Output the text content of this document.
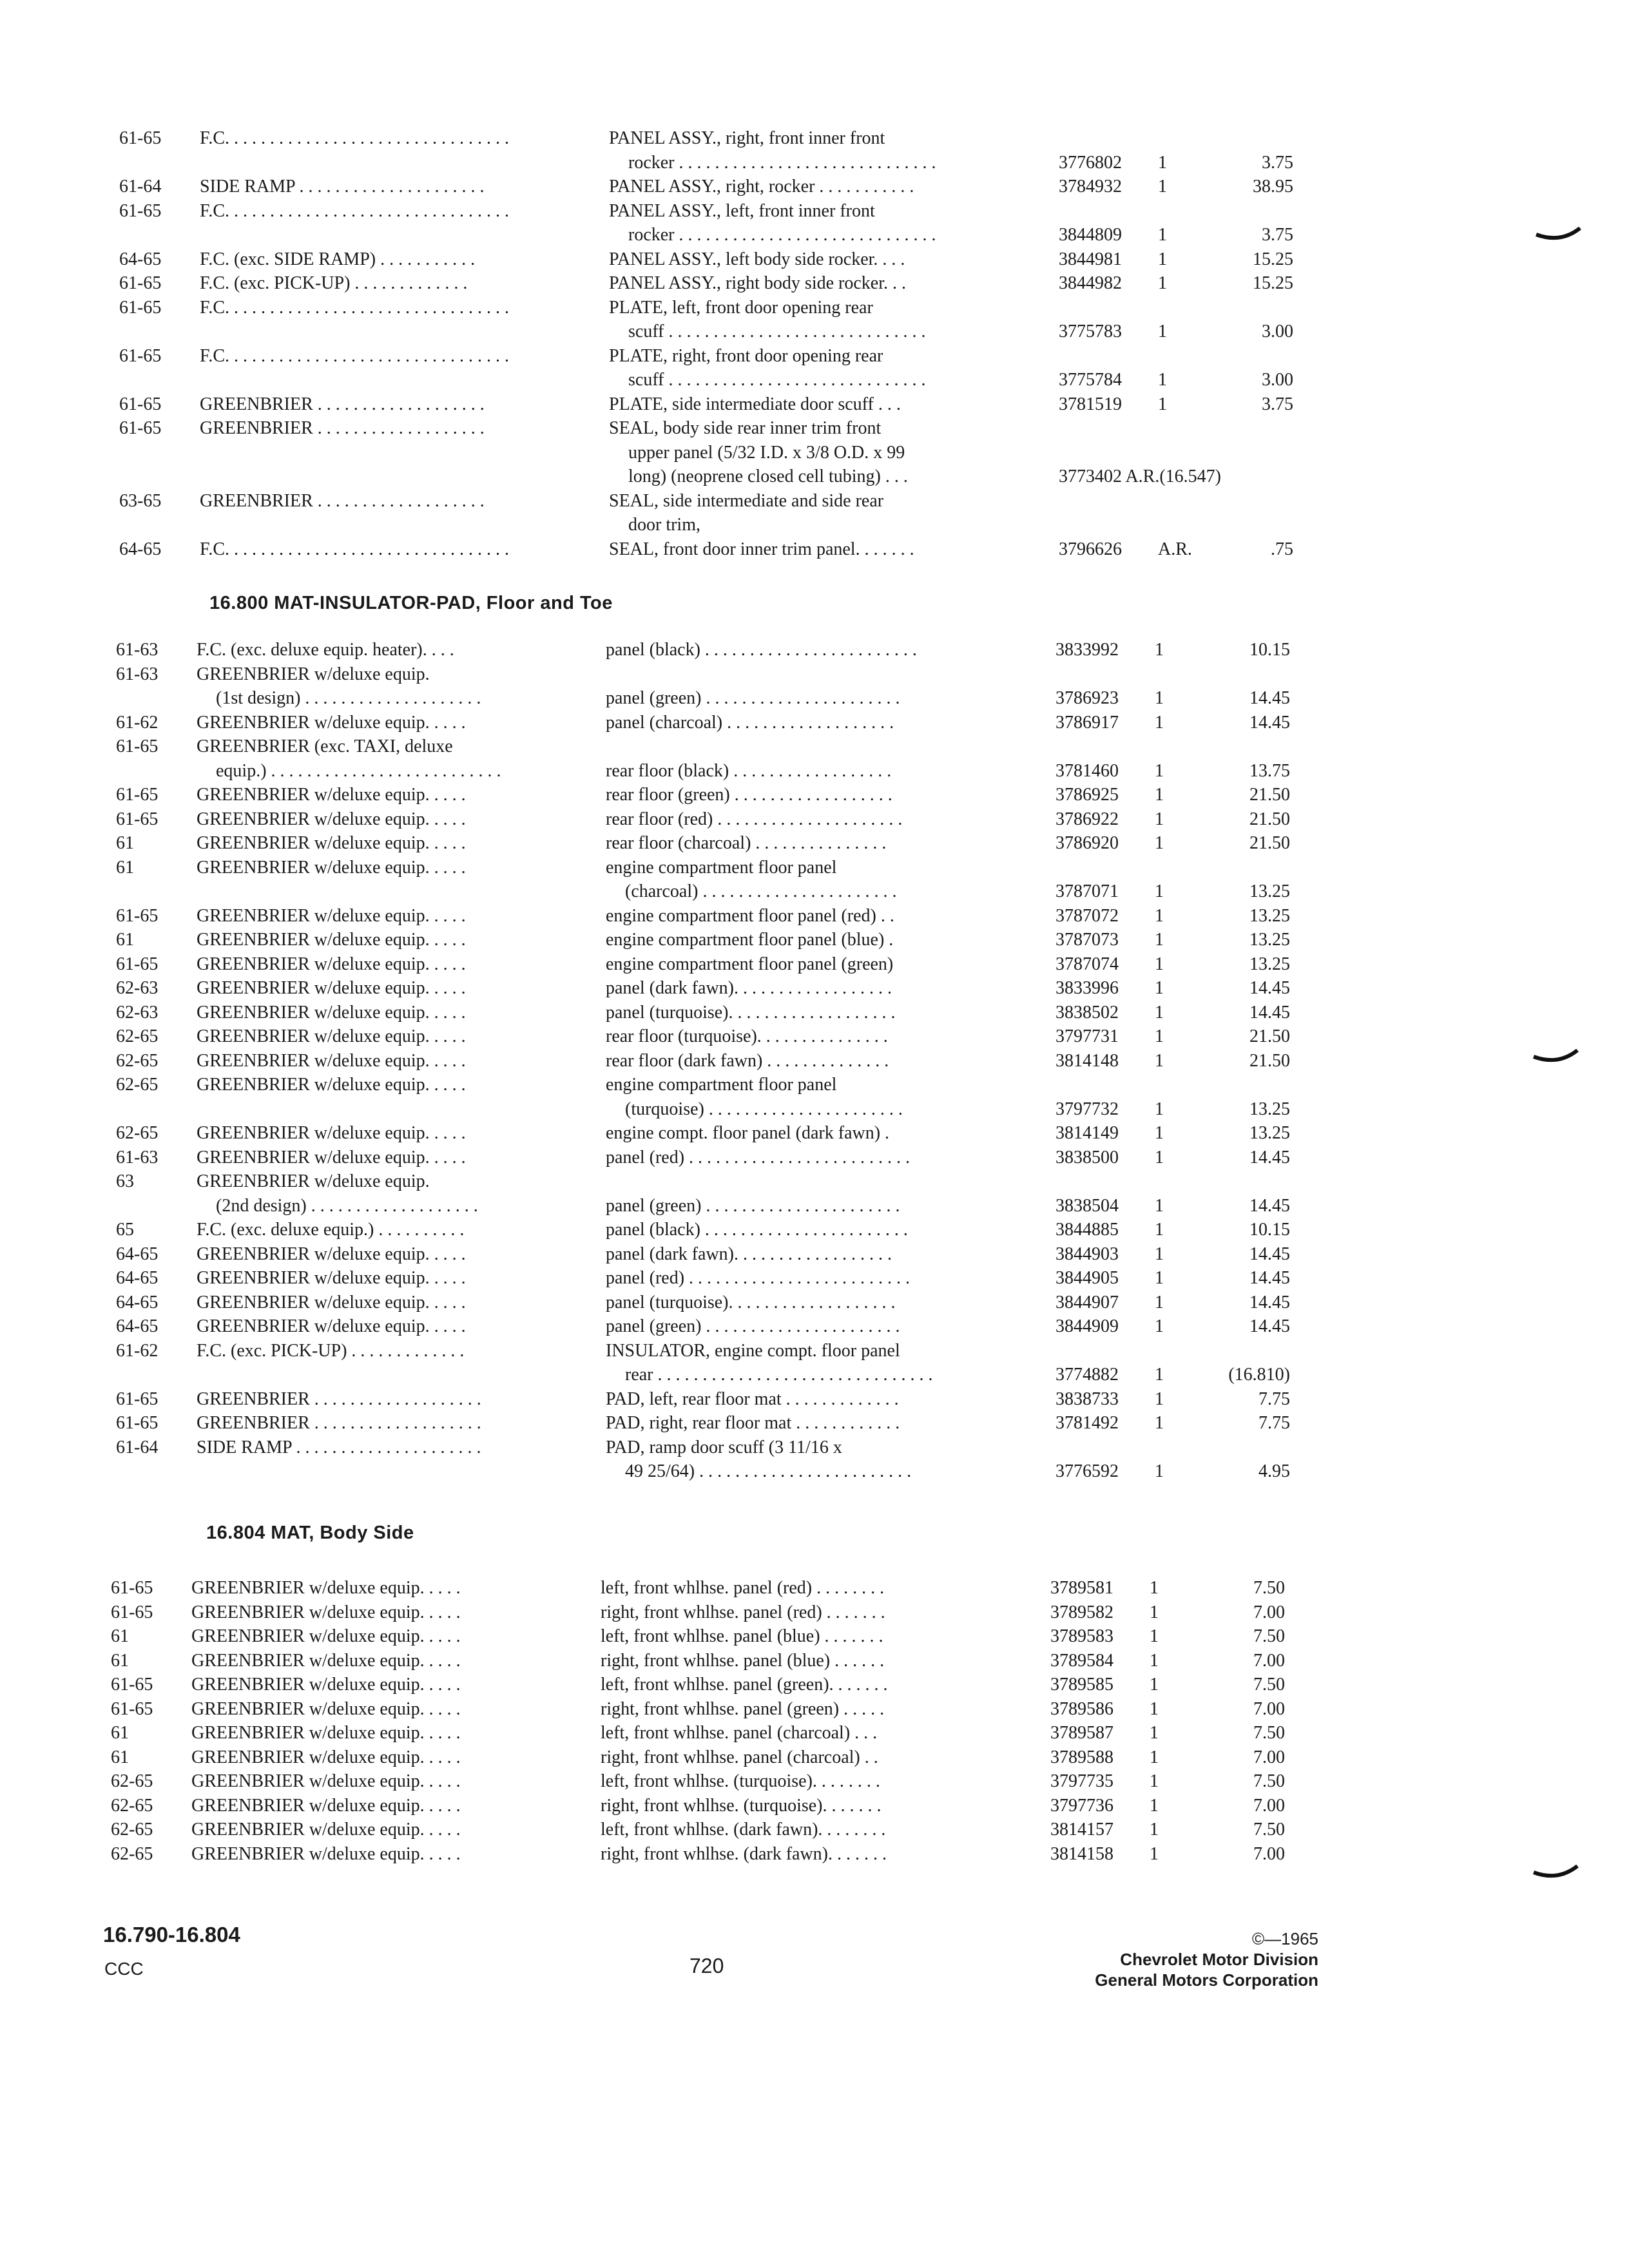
61-65	F.C. . . . . . . . . . . . . . . . . . . . . . . . . . . . . . . .	PANEL ASSY., right, front inner front
rocker . . . . . . . . . . . . . . . . . . . . . . . . . . . . .	3776802	1	3.75
61-64	SIDE RAMP . . . . . . . . . . . . . . . . . . . . .	PANEL ASSY., right, rocker . . . . . . . . . . .	3784932	1	38.95
61-65	F.C. . . . . . . . . . . . . . . . . . . . . . . . . . . . . . . .	PANEL ASSY., left, front inner front
rocker . . . . . . . . . . . . . . . . . . . . . . . . . . . . .	3844809	1	3.75
64-65	F.C. (exc. SIDE RAMP) . . . . . . . . . . .	PANEL ASSY., left body side rocker. . . .	3844981	1	15.25
61-65	F.C. (exc. PICK-UP) . . . . . . . . . . . . .	PANEL ASSY., right body side rocker. . .	3844982	1	15.25
61-65	F.C. . . . . . . . . . . . . . . . . . . . . . . . . . . . . . . .	PLATE, left, front door opening rear
scuff . . . . . . . . . . . . . . . . . . . . . . . . . . . . .	3775783	1	3.00
61-65	F.C. . . . . . . . . . . . . . . . . . . . . . . . . . . . . . . .	PLATE, right, front door opening rear
scuff . . . . . . . . . . . . . . . . . . . . . . . . . . . . .	3775784	1	3.00
61-65	GREENBRIER . . . . . . . . . . . . . . . . . . .	PLATE, side intermediate door scuff . . .	3781519	1	3.75
61-65	GREENBRIER . . . . . . . . . . . . . . . . . . .	SEAL, body side rear inner trim front
upper panel (5/32 I.D. x 3/8 O.D. x 99
long) (neoprene closed cell tubing) . . .	3773402 A.R.(16.547)
63-65	GREENBRIER . . . . . . . . . . . . . . . . . . .	SEAL, side intermediate and side rear
door trim,
64-65	F.C. . . . . . . . . . . . . . . . . . . . . . . . . . . . . . . .	SEAL, front door inner trim panel. . . . . . .	3796626	A.R.	.75
16.800 MAT-INSULATOR-PAD, Floor and Toe
61-63	F.C. (exc. deluxe equip. heater). . . .	panel (black) . . . . . . . . . . . . . . . . . . . . . . . .	3833992	1	10.15
61-63	GREENBRIER w/deluxe equip.
(1st design) . . . . . . . . . . . . . . . . . . . .	panel (green) . . . . . . . . . . . . . . . . . . . . . .	3786923	1	14.45
61-62	GREENBRIER w/deluxe equip. . . . .	panel (charcoal) . . . . . . . . . . . . . . . . . . .	3786917	1	14.45
61-65	GREENBRIER (exc. TAXI, deluxe
equip.) . . . . . . . . . . . . . . . . . . . . . . . . . .	rear floor (black) . . . . . . . . . . . . . . . . . .	3781460	1	13.75
61-65	GREENBRIER w/deluxe equip. . . . .	rear floor (green) . . . . . . . . . . . . . . . . . .	3786925	1	21.50
61-65	GREENBRIER w/deluxe equip. . . . .	rear floor (red) . . . . . . . . . . . . . . . . . . . . .	3786922	1	21.50
61	GREENBRIER w/deluxe equip. . . . .	rear floor (charcoal) . . . . . . . . . . . . . . .	3786920	1	21.50
61	GREENBRIER w/deluxe equip. . . . .	engine compartment floor panel
(charcoal) . . . . . . . . . . . . . . . . . . . . . .	3787071	1	13.25
61-65	GREENBRIER w/deluxe equip. . . . .	engine compartment floor panel (red) . .	3787072	1	13.25
61	GREENBRIER w/deluxe equip. . . . .	engine compartment floor panel (blue) .	3787073	1	13.25
61-65	GREENBRIER w/deluxe equip. . . . .	engine compartment floor panel (green)	3787074	1	13.25
62-63	GREENBRIER w/deluxe equip. . . . .	panel (dark fawn). . . . . . . . . . . . . . . . . .	3833996	1	14.45
62-63	GREENBRIER w/deluxe equip. . . . .	panel (turquoise). . . . . . . . . . . . . . . . . . .	3838502	1	14.45
62-65	GREENBRIER w/deluxe equip. . . . .	rear floor (turquoise). . . . . . . . . . . . . . .	3797731	1	21.50
62-65	GREENBRIER w/deluxe equip. . . . .	rear floor (dark fawn) . . . . . . . . . . . . . .	3814148	1	21.50
62-65	GREENBRIER w/deluxe equip. . . . .	engine compartment floor panel
(turquoise) . . . . . . . . . . . . . . . . . . . . . .	3797732	1	13.25
62-65	GREENBRIER w/deluxe equip. . . . .	engine compt. floor panel (dark fawn) .	3814149	1	13.25
61-63	GREENBRIER w/deluxe equip. . . . .	panel (red) . . . . . . . . . . . . . . . . . . . . . . . . .	3838500	1	14.45
63	GREENBRIER w/deluxe equip.
(2nd design) . . . . . . . . . . . . . . . . . . .	panel (green) . . . . . . . . . . . . . . . . . . . . . .	3838504	1	14.45
65	F.C. (exc. deluxe equip.) . . . . . . . . . .	panel (black) . . . . . . . . . . . . . . . . . . . . . . .	3844885	1	10.15
64-65	GREENBRIER w/deluxe equip. . . . .	panel (dark fawn). . . . . . . . . . . . . . . . . .	3844903	1	14.45
64-65	GREENBRIER w/deluxe equip. . . . .	panel (red) . . . . . . . . . . . . . . . . . . . . . . . . .	3844905	1	14.45
64-65	GREENBRIER w/deluxe equip. . . . .	panel (turquoise). . . . . . . . . . . . . . . . . . .	3844907	1	14.45
64-65	GREENBRIER w/deluxe equip. . . . .	panel (green) . . . . . . . . . . . . . . . . . . . . . .	3844909	1	14.45
61-62	F.C. (exc. PICK-UP) . . . . . . . . . . . . .	INSULATOR, engine compt. floor panel
rear . . . . . . . . . . . . . . . . . . . . . . . . . . . . . . .	3774882	1	(16.810)
61-65	GREENBRIER . . . . . . . . . . . . . . . . . . .	PAD, left, rear floor mat . . . . . . . . . . . . .	3838733	1	7.75
61-65	GREENBRIER . . . . . . . . . . . . . . . . . . .	PAD, right, rear floor mat . . . . . . . . . . . .	3781492	1	7.75
61-64	SIDE RAMP . . . . . . . . . . . . . . . . . . . . .	PAD, ramp door scuff (3 11/16 x
49 25/64) . . . . . . . . . . . . . . . . . . . . . . . .	3776592	1	4.95
16.804 MAT, Body Side
61-65	GREENBRIER w/deluxe equip. . . . .	left, front whlhse. panel (red) . . . . . . . .	3789581	1	7.50
61-65	GREENBRIER w/deluxe equip. . . . .	right, front whlhse. panel (red) . . . . . . .	3789582	1	7.00
61	GREENBRIER w/deluxe equip. . . . .	left, front whlhse. panel (blue) . . . . . . .	3789583	1	7.50
61	GREENBRIER w/deluxe equip. . . . .	right, front whlhse. panel (blue) . . . . . .	3789584	1	7.00
61-65	GREENBRIER w/deluxe equip. . . . .	left, front whlhse. panel (green). . . . . . .	3789585	1	7.50
61-65	GREENBRIER w/deluxe equip. . . . .	right, front whlhse. panel (green) . . . . .	3789586	1	7.00
61	GREENBRIER w/deluxe equip. . . . .	left, front whlhse. panel (charcoal) . . .	3789587	1	7.50
61	GREENBRIER w/deluxe equip. . . . .	right, front whlhse. panel (charcoal) . .	3789588	1	7.00
62-65	GREENBRIER w/deluxe equip. . . . .	left, front whlhse. (turquoise). . . . . . . .	3797735	1	7.50
62-65	GREENBRIER w/deluxe equip. . . . .	right, front whlhse. (turquoise). . . . . . .	3797736	1	7.00
62-65	GREENBRIER w/deluxe equip. . . . .	left, front whlhse. (dark fawn). . . . . . . .	3814157	1	7.50
62-65	GREENBRIER w/deluxe equip. . . . .	right, front whlhse. (dark fawn). . . . . . .	3814158	1	7.00
16.790-16.804
CCC	720
©—1965
Chevrolet Motor Division
General Motors Corporation
